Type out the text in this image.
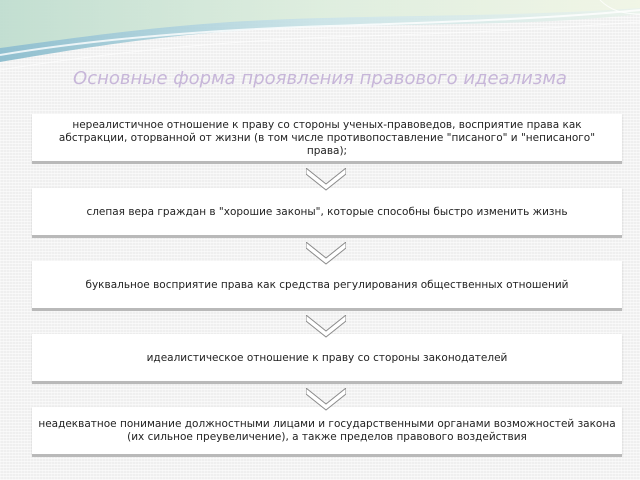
Основные форма проявления правового идеализма
нереалистичное отношение к праву со стороны ученых-правоведов, восприятие права как абстракции, оторванной от жизни (в том числе противопоставление "писаного" и "неписаного" права);
слепая вера граждан в "хорошие законы", которые способны быстро изменить жизнь
буквальное восприятие права как средства регулирования общественных отношений
идеалистическое отношение к праву со стороны законодателей
неадекватное понимание должностными лицами и государственными органами возможностей закона (их сильное преувеличение), а также пределов правового воздействия
